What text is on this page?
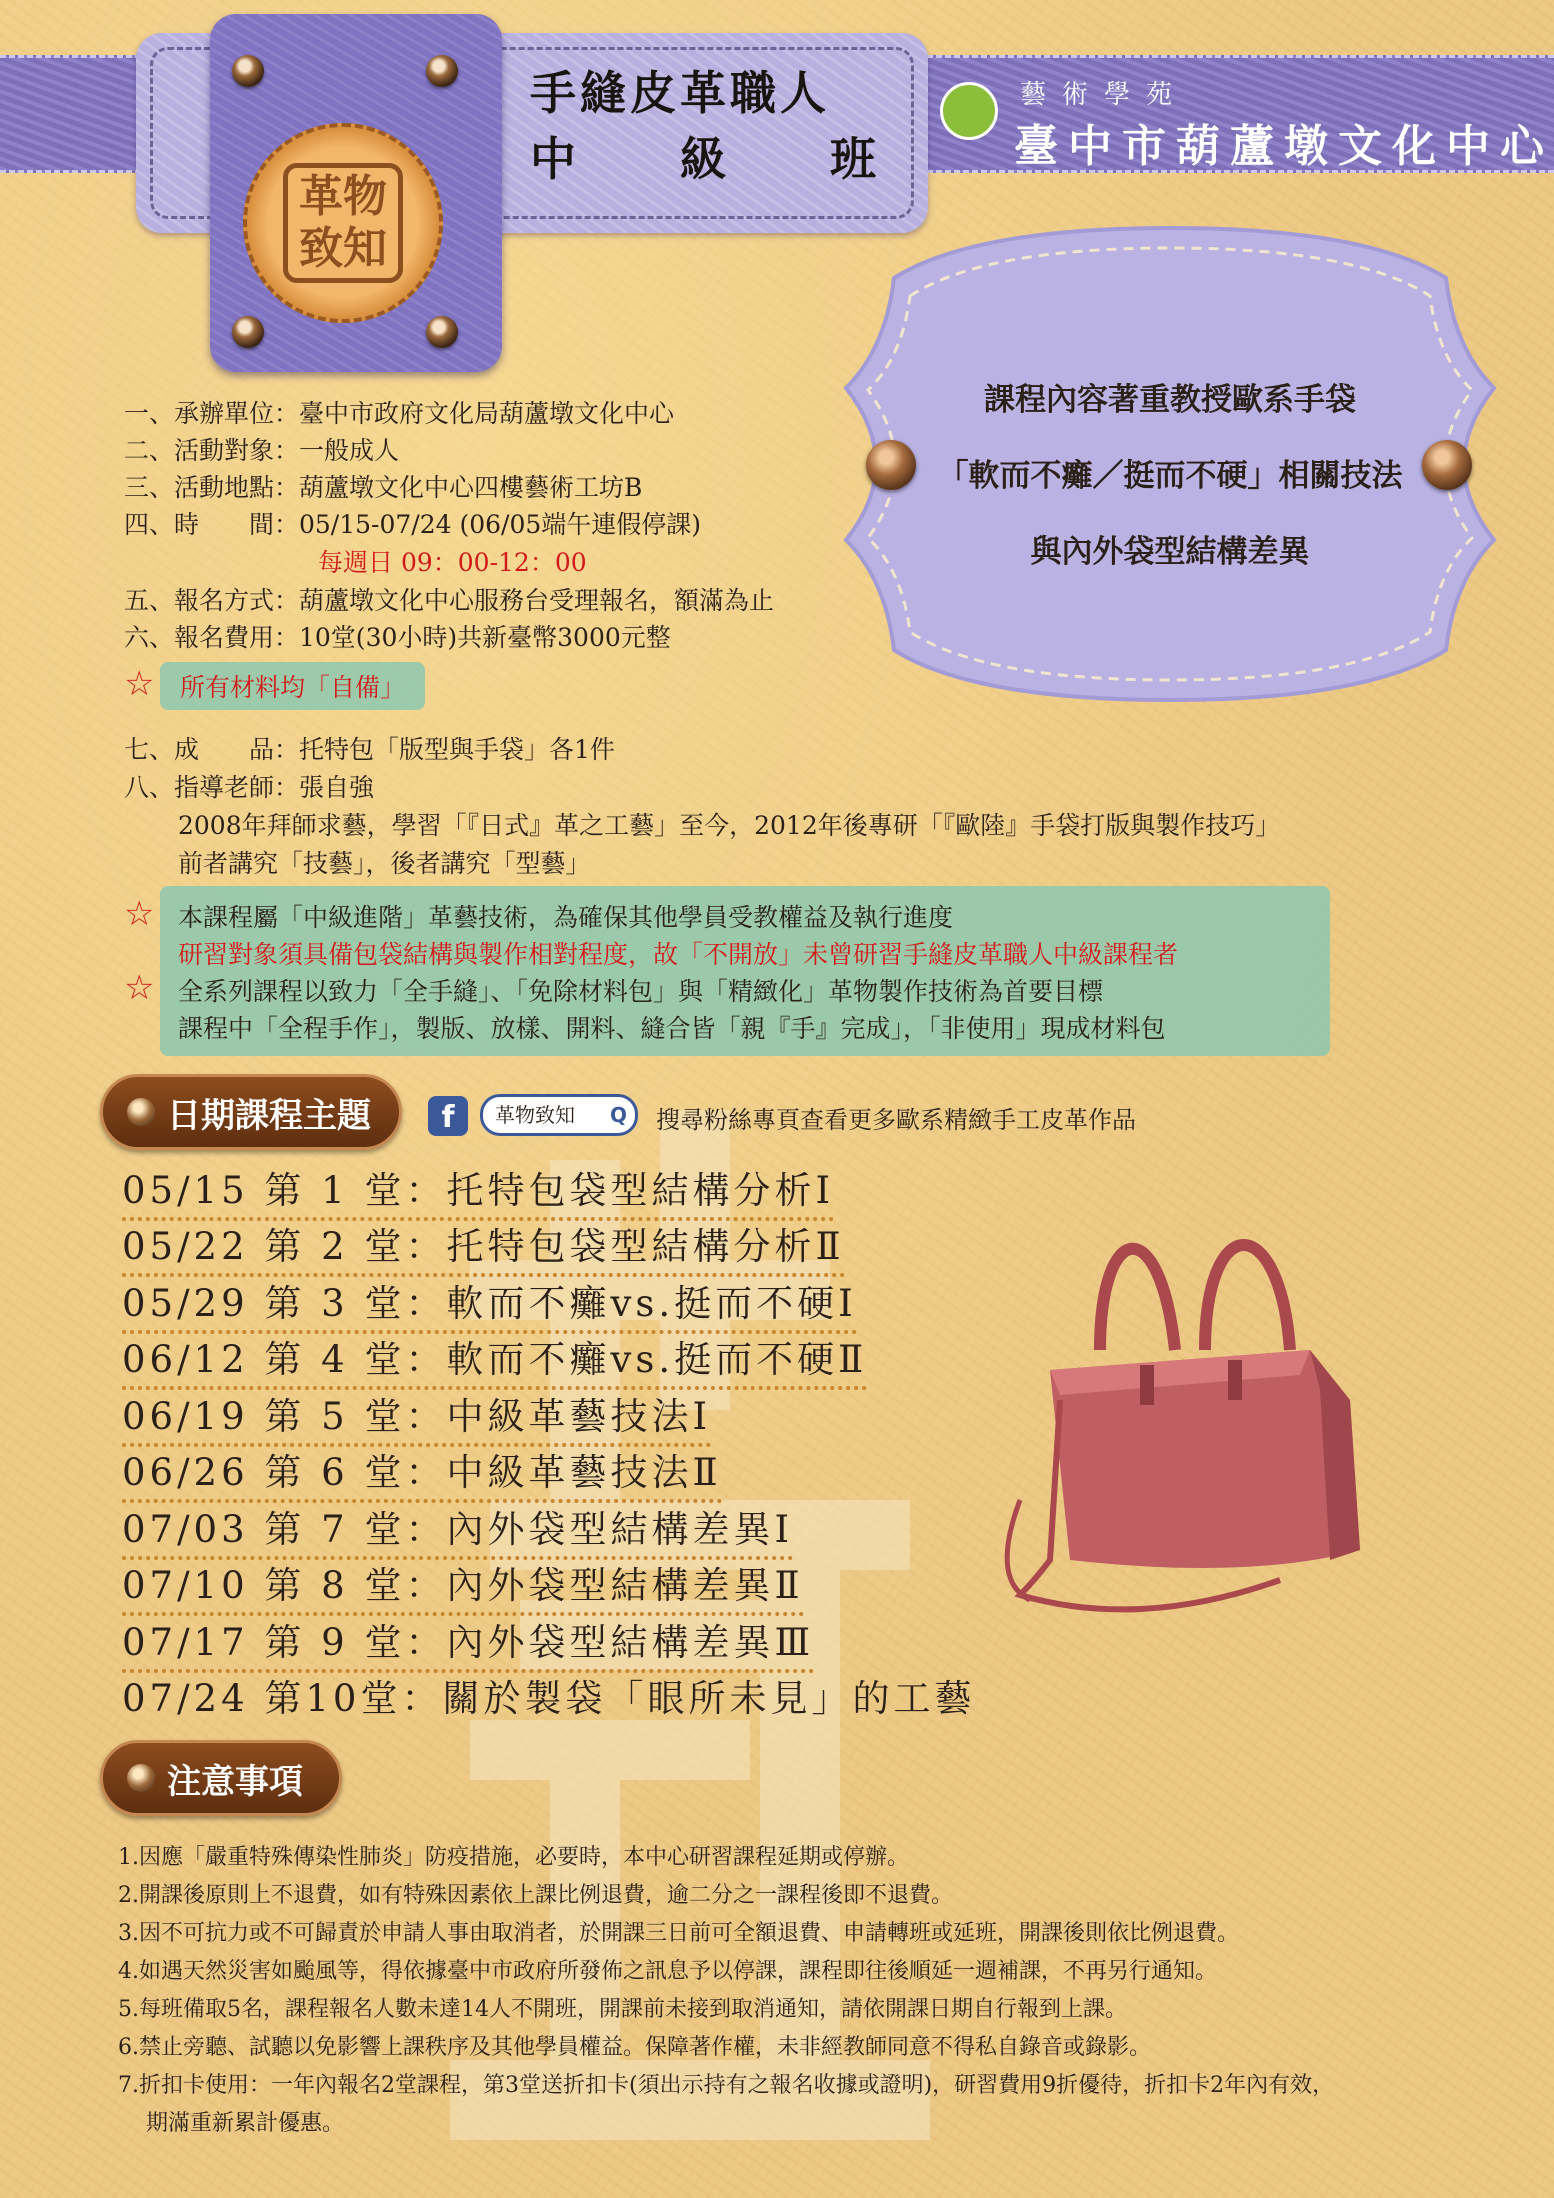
革物致知
手縫皮革職人
中　　級　　班
藝術學苑
臺中市葫蘆墩文化中心
課程內容著重教授歐系手袋
「軟而不癱／挺而不硬」相關技法
與內外袋型結構差異
一、承辦單位：臺中市政府文化局葫蘆墩文化中心
二、活動對象：一般成人
三、活動地點：葫蘆墩文化中心四樓藝術工坊B
四、時　　間：05/15-07/24 (06/05端午連假停課)
每週日 09：00-12：00
五、報名方式：葫蘆墩文化中心服務台受理報名，額滿為止
六、報名費用：10堂(30小時)共新臺幣3000元整
☆	所有材料均「自備」
七、成　　品：托特包「版型與手袋」各1件
八、指導老師：張自強
2008年拜師求藝，學習「『日式』革之工藝」至今，2012年後專研「『歐陸』手袋打版與製作技巧」
前者講究「技藝」，後者講究「型藝」
☆
☆
本課程屬「中級進階」革藝技術，為確保其他學員受教權益及執行進度
研習對象須具備包袋結構與製作相對程度，故「不開放」未曾研習手縫皮革職人中級課程者
全系列課程以致力「全手縫」、「免除材料包」與「精緻化」革物製作技術為首要目標
課程中「全程手作」，製版、放樣、開料、縫合皆「親『手』完成」，「非使用」現成材料包
日期課程主題	f	革物致知 Q 搜尋粉絲專頁查看更多歐系精緻手工皮革作品
05/15 第 1 堂：托特包袋型結構分析Ⅰ
05/22 第 2 堂：托特包袋型結構分析Ⅱ
05/29 第 3 堂：軟而不癱vs.挺而不硬Ⅰ
06/12 第 4 堂：軟而不癱vs.挺而不硬Ⅱ
06/19 第 5 堂：中級革藝技法Ⅰ
06/26 第 6 堂：中級革藝技法Ⅱ
07/03 第 7 堂：內外袋型結構差異Ⅰ
07/10 第 8 堂：內外袋型結構差異Ⅱ
07/17 第 9 堂：內外袋型結構差異Ⅲ
07/24 第10堂：關於製袋「眼所未見」的工藝
注意事項
1.因應「嚴重特殊傳染性肺炎」防疫措施，必要時，本中心研習課程延期或停辦。
2.開課後原則上不退費，如有特殊因素依上課比例退費，逾二分之一課程後即不退費。
3.因不可抗力或不可歸責於申請人事由取消者，於開課三日前可全額退費、申請轉班或延班，開課後則依比例退費。
4.如遇天然災害如颱風等，得依據臺中市政府所發佈之訊息予以停課，課程即往後順延一週補課，不再另行通知。
5.每班備取5名，課程報名人數未達14人不開班，開課前未接到取消通知，請依開課日期自行報到上課。
6.禁止旁聽、試聽以免影響上課秩序及其他學員權益。保障著作權，未非經教師同意不得私自錄音或錄影。
7.折扣卡使用：一年內報名2堂課程，第3堂送折扣卡(須出示持有之報名收據或證明)，研習費用9折優待，折扣卡2年內有效，
期滿重新累計優惠。
